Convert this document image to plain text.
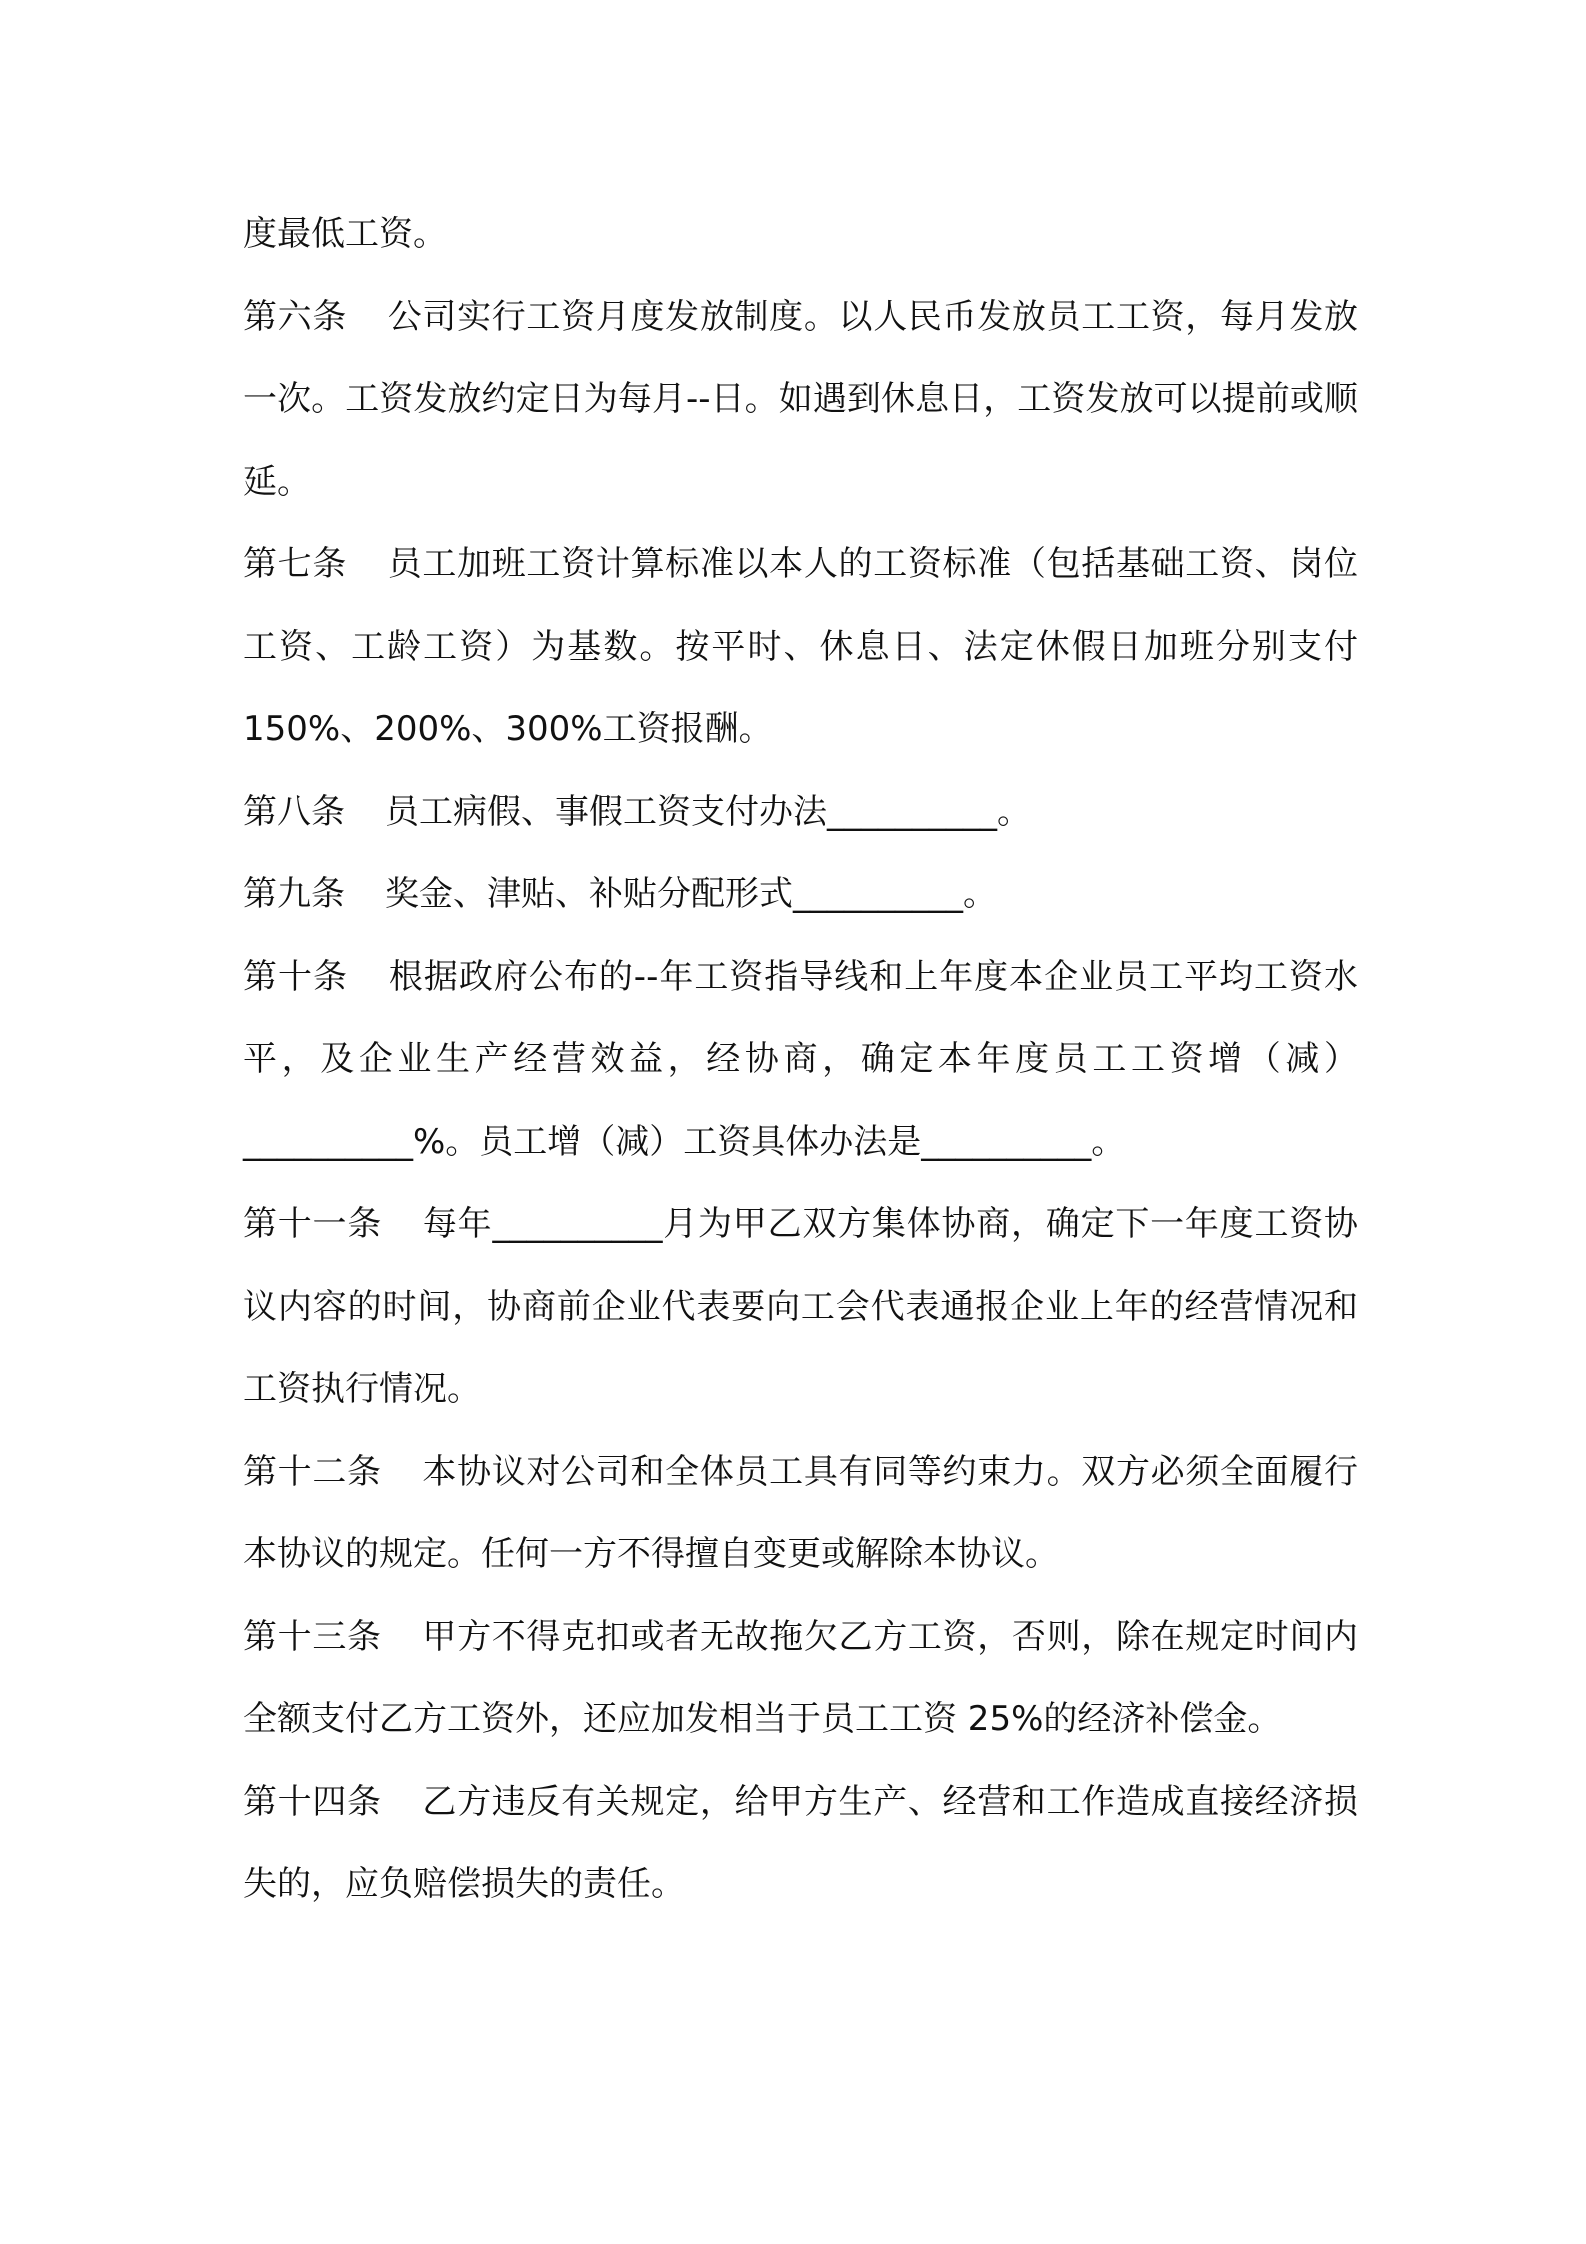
度最低工资。

第六条 公司实行工资月度发放制度。以人民币发放员工工资，每月发放一次。工资发放约定日为每月--日。如遇到休息日，工资发放可以提前或顺延。

第七条 员工加班工资计算标准以本人的工资标准（包括基础工资、岗位工资、工龄工资）为基数。按平时、休息日、法定休假日加班分别支付 150%、200%、300%工资报酬。

第八条 员工病假、事假工资支付办法__________。

第九条 奖金、津贴、补贴分配形式__________。

第十条 根据政府公布的--年工资指导线和上年度本企业员工平均工资水平，及企业生产经营效益，经协商，确定本年度员工工资增（减）__________%。员工增（减）工资具体办法是__________。

第十一条 每年__________月为甲乙双方集体协商，确定下一年度工资协议内容的时间，协商前企业代表要向工会代表通报企业上年的经营情况和工资执行情况。

第十二条 本协议对公司和全体员工具有同等约束力。双方必须全面履行本协议的规定。任何一方不得擅自变更或解除本协议。

第十三条 甲方不得克扣或者无故拖欠乙方工资，否则，除在规定时间内全额支付乙方工资外，还应加发相当于员工工资 25%的经济补偿金。

第十四条 乙方违反有关规定，给甲方生产、经营和工作造成直接经济损失的，应负赔偿损失的责任。
